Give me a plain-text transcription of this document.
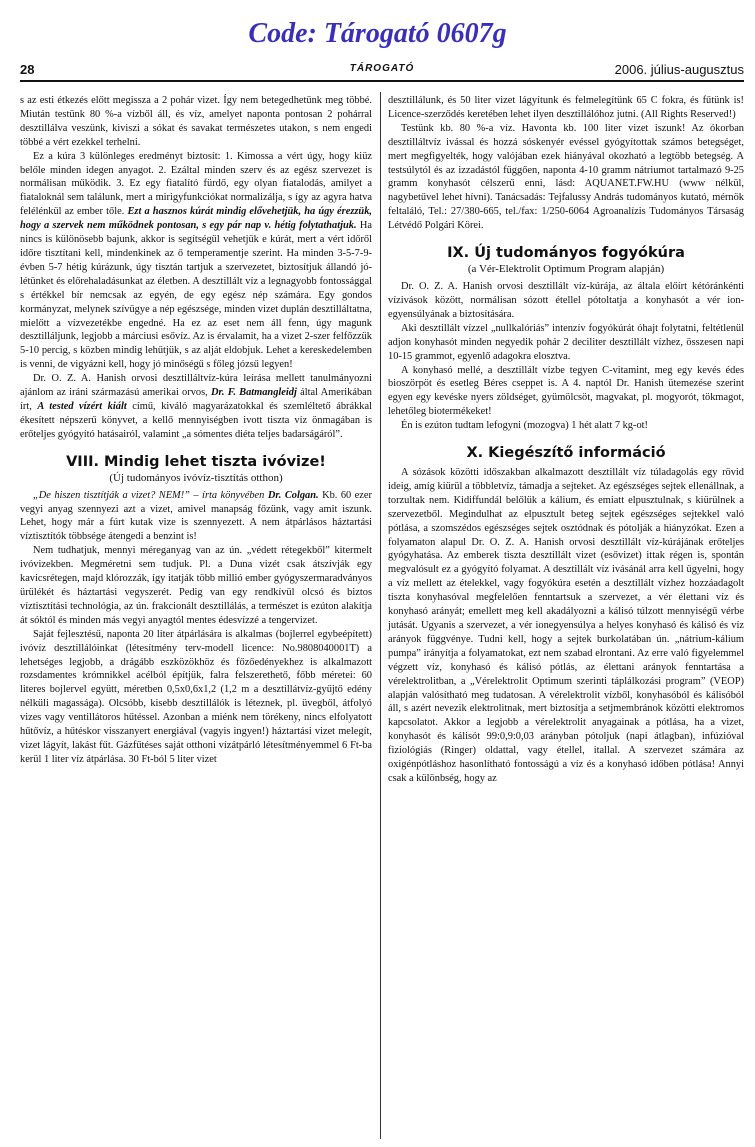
Code: Tárogató 0607g
28	TÁROGATÓ	2006. július-augusztus

s az esti étkezés előtt megissza a 2 pohár vizet. Így nem betegedhetünk meg többé. Miután testünk 80 %-a vízből áll, és víz, amelyet naponta pontosan 2 pohárral desztillálva veszünk, kiviszi a sókat és savakat természetes utakon, s nem engedi többé a vért ezekkel terhelni.

Ez a kúra 3 különleges eredményt biztosít: 1. Kimossa a vért úgy, hogy kiüz belőle minden idegen anyagot. 2. Ezáltal minden szerv és az egész szervezet is normálisan működik. 3. Ez egy fiatalító fürdő, egy olyan fiatalodás, amilyet a fiataloknál sem találunk, mert a mirigyfunkciókat normalizálja, s így az agyra hatva felélénkül az ember tőle. Ezt a hasznos kúrát mindig elővehetjük, ha úgy érezzük, hogy a szervek nem működnek pontosan, s egy pár nap v. hétig folytathatjuk. Ha nincs is különösebb bajunk, akkor is segítségül vehetjük e kúrát, mert a vért időről időre tisztítani kell, mindenkinek az ő temperamentje szerint. Ha minden 3-5-7-9- évben 5-7 hétig kúrázunk, úgy tisztán tartjuk a szervezetet, biztosítjuk állandó jó-létünket és előrehaladásunkat az életben. A desztillált víz a legnagyobb fontossággal s értékkel bír nemcsak az egyén, de egy egész nép számára. Egy gondos kormányzat, melynek szívügye a nép egészsége, minden vizet duplán desztilláltatna, mielőtt a vízvezetékbe engedné. Ha ez az eset nem áll fenn, úgy magunk desztilláljunk, legjobb a márciusi esővíz. Az is érvalamit, ha a vizet 2-szer felfőzzük 5-10 percig, s közben mindig lehűtjük, s az alját eldobjuk. Lehet a kereskedelemben is venni, de vigyázni kell, hogy jó minőségű s főleg józsű legyen!

Dr. O. Z. A. Hanish orvosi desztilláltvíz-kúra leírása mellett tanulmányozni ajánlom az iráni származású amerikai orvos, Dr. F. Batmangleidj által Amerikában írt, A tested vízért kiált című, kiváló magyarázatokkal és szemléltető ábrákkal ékesített népszerű könyvet, a kellő mennyiségben ivott tiszta víz önmagában is erőteljes gyógyító hatásairól, valamint „a sómentes diéta teljes badarságáról”.

VIII. Mindig lehet tiszta ivóvize!
(Új tudományos ivóvíz-tisztítás otthon)

„De hiszen tisztítják a vizet? NEM!” – írta könyvében Dr. Colgan. Kb. 60 ezer vegyi anyag szennyezi azt a vizet, amivel manapság főzünk, vagy amit iszunk. Lehet, hogy már a fúrt kutak vize is szennyezett. A nem átpárlásos háztartási víztisztítók többsége átengedi a benzint is!

Nem tudhatjuk, mennyi méreganyag van az ún. „védett rétegekből” kitermelt ivóvizekben. Megméretni sem tudjuk. Pl. a Duna vizét csak átszívják egy kavicsrétegen, majd klórozzák, így itatják több millió ember gyógyszermaradványos ürülékét és háztartási vegyszerét. Pedig van egy rendkívül olcsó és biztos víztisztítási technológia, az ún. frakcionált desztillálás, a természet is ezúton alakítja át sóktól és minden más vegyi anyagtól mentes édesvízzé a tengervizet.

Saját fejlesztésű, naponta 20 liter átpárlására is alkalmas (bojlerrel egybeépített) ivóvíz desztillálóinkat (létesítmény terv-modell licence: No.9808040001T) a lehetséges legjobb, a drágább eszközökhöz és főzőedényekhez is alkalmazott rozsdamentes krómnikkel acélból építjük, falra felszerethető, főbb méretei: 60 literes bojlervel együtt, méretben 0,5x0,6x1,2 (1,2 m a desztillátvíz-gyűjtő edény nélküli magassága). Olcsóbb, kisebb desztillálók is léteznek, pl. üvegből, átfolyó vizes vagy ventillátoros hűtéssel. Azonban a miénk nem törékeny, nincs elfolyatott hűtővíz, a hűtéskor visszanyert energiával (vagyis ingyen!) háztartási vizet melegít, vizet lágyít, lakást fűt. Gázfűtéses saját otthoni vízátpárló létesítményemmel 6 Ft-ba kerül 1 liter víz átpárlása. 30 Ft-ból 5 liter vizet

desztillálunk, és 50 liter vizet lágyítunk és felmelegítünk 65 C fokra, és fűtünk is! Licence-szerződés keretében lehet ilyen desztillálóhoz jutni. (All Rights Reserved!)

Testünk kb. 80 %-a víz. Havonta kb. 100 liter vizet iszunk! Az ókorban desztilláltvíz ivással és hozzá sóskenyér evéssel gyógyítottak számos betegséget, mert megfigyelték, hogy valójában ezek hiányával okozható a legtöbb betegség. A testsúlytól és az izzadástól függően, naponta 4-10 gramm nátriumot tartalmazó 9-25 gramm konyhasót célszerű enni, lásd: AQUANET.FW.HU (www nélkül, nagybetűvel lehet hívni). Tanácsadás: Tejfalussy András tudományos kutató, mérnök feltaláló, Tel.: 27/380-665, tel./fax: 1/250-6064 Agroanalízis Tudományos Társaság Létvédő Polgári Körei.

IX. Új tudományos fogyókúra
(a Vér-Elektrolit Optimum Program alapján)

Dr. O. Z. A. Hanish orvosi desztillált víz-kúrája, az általa előírt kétóránkénti vízivások között, normálisan sózott étellel pótoltatja a konyhasót a vér ion-egyensúlyának a biztosítására.

Aki desztillált vízzel „nullkalóriás” intenzív fogyókúrát óhajt folytatni, feltétlenül adjon konyhasót minden negyedik pohár 2 deciliter desztillált vízhez, összesen napi 10-15 grammot, egyenlő adagokra elosztva.

A konyhasó mellé, a desztillált vízbe tegyen C-vitamint, meg egy kevés édes bioszörpöt és esetleg Béres cseppet is. A 4. naptól Dr. Hanish ütemezése szerint egyen egy kevéske nyers zöldséget, gyümölcsöt, magvakat, pl. mogyorót, tökmagot, lehetőleg biotermékeket!

Én is ezúton tudtam lefogyni (mozogva) 1 hét alatt 7 kg-ot!

X. Kiegészítő információ

A sózások közötti időszakban alkalmazott desztillált víz túladagolás egy rövid ideig, amíg kiürül a többletvíz, támadja a sejteket. Az egészséges sejtek ellenállnak, a torzultak nem. Kidiffundál belőlük a kálium, és emiatt elpusztulnak, s kiürülnek a szervezetből. Megindulhat az elpusztult beteg sejtek egészséges sejtekkel való pótlása, a szomszédos egészséges sejtek osztódnak és pótolják a hiányzókat. Ezen a folyamaton alapul Dr. O. Z. A. Hanish orvosi desztillált víz-kúrájának erőteljes gyógyhatása. Az emberek tiszta desztillált vizet (esővizet) ittak régen is, spontán megvalósult ez a gyógyító folyamat. A desztillált víz ivásánál arra kell ügyelni, hogy a víz mellett az ételekkel, vagy fogyókúra esetén a desztillált vízhez hozzáadagolt tiszta konyhasóval megfelelően fenntartsuk a szervezet, a vér élettani víz és konyhasó arányát; emellett meg kell akadályozni a kálisó túlzott mennyiségű vérbe jutását. Ugyanis a szervezet, a vér ionegyensúlya a helyes konyhasó és kálisó és víz arányok függvénye. Tudni kell, hogy a sejtek burkolatában ún. „nátrium-kálium pumpa” irányítja a folyamatokat, ezt nem szabad elrontani. Az erre való figyelemmel végzett víz, konyhasó és kálisó pótlás, az élettani arányok fenntartása a vérelektrolitban, a „Vérelektrolit Optimum szerinti táplálkozási program” (VEOP) alapján valósítható meg tudatosan. A vérelektrolit vízből, konyhasóból és kálisóból áll, s azért nevezik elektrolitnak, mert biztosítja a setjmembránok közötti elektromos kapcsolatot. Akkor a legjobb a vérelektrolit anyagainak a pótlása, ha a vizet, konyhasót és kálisót 99:0,9:0,03 arányban pótoljuk (napi átlagban), infúzióval fiziológiás (Ringer) oldattal, vagy étellel, itallal. A szervezet számára az oxigénpótláshoz hasonlítható fontosságú a víz és a konyhasó időben pótlása! Annyi csak a különbség, hogy az
